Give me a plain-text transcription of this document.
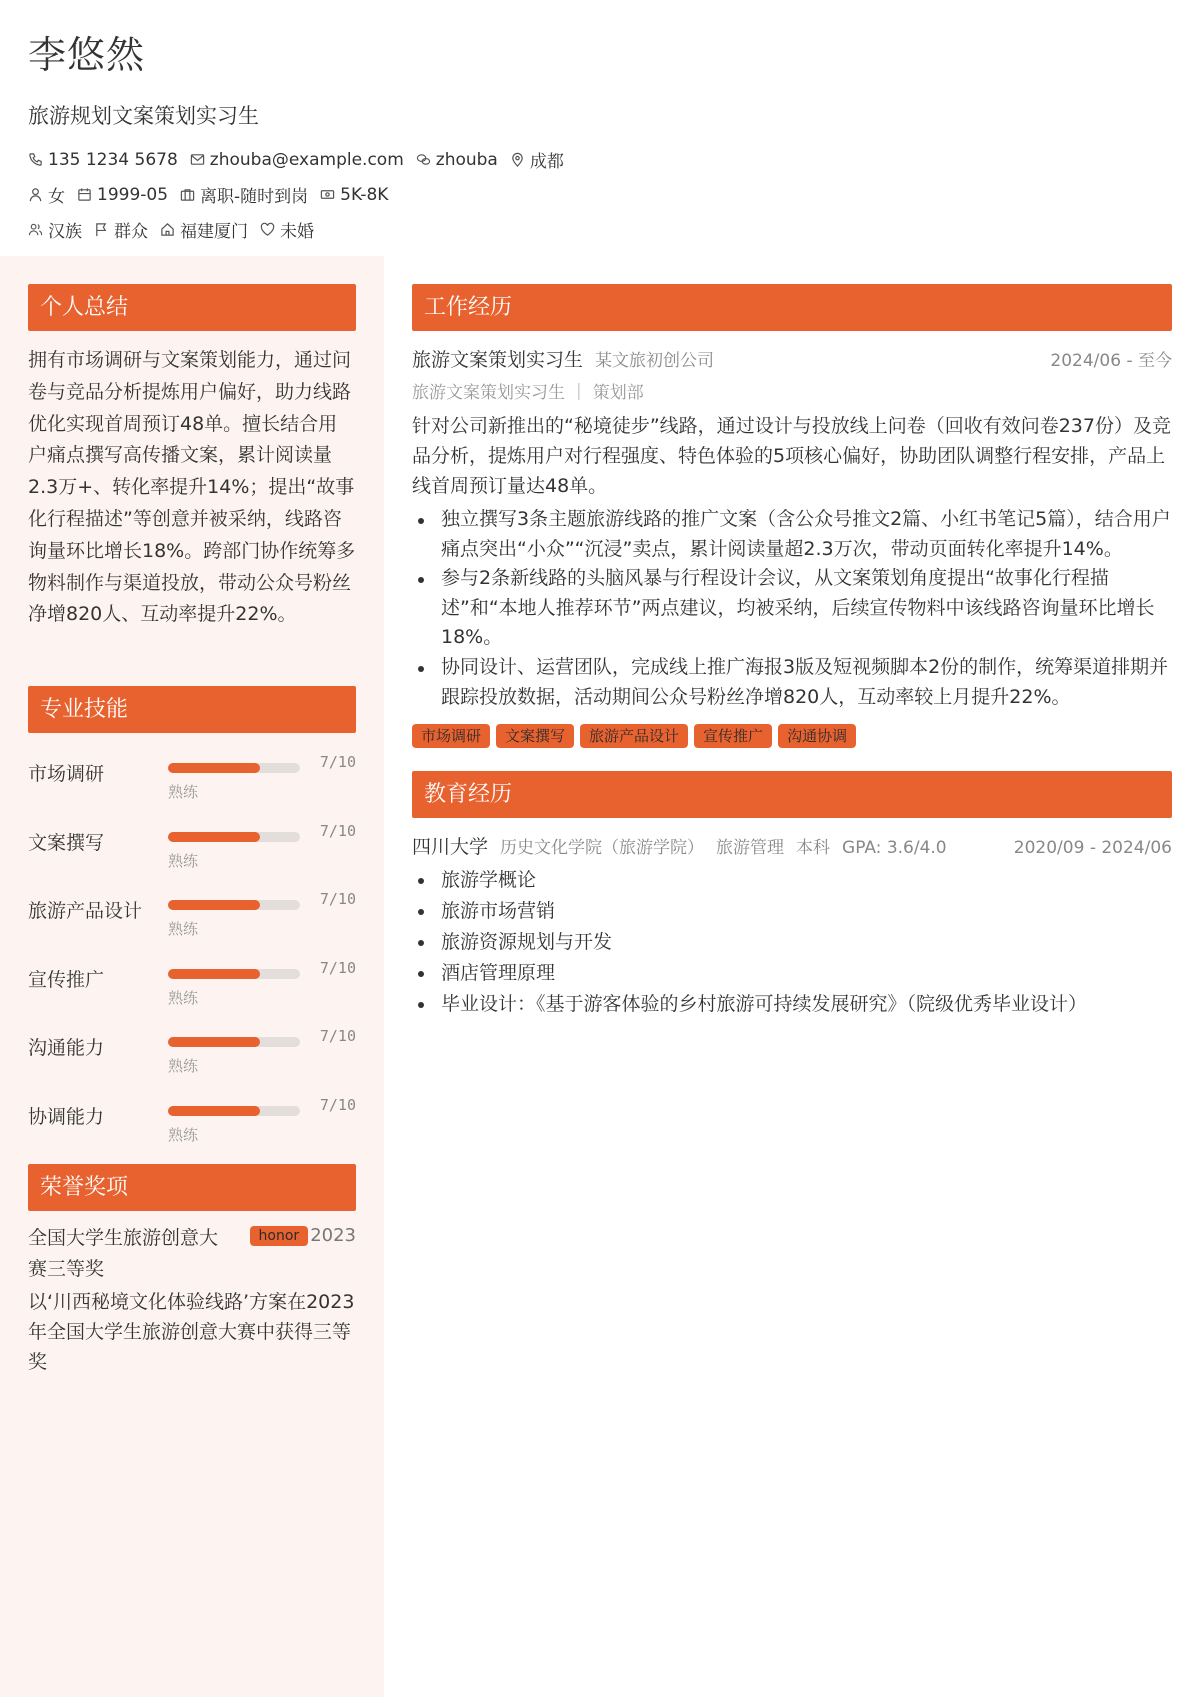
李悠然
旅游规划文案策划实习生
135 1234 5678 zhouba@example.com zhouba 成都
女 1999-05 离职-随时到岗 5K-8K
汉族 群众 福建厦门 未婚
个人总结
拥有市场调研与文案策划能力，通过问卷与竞品分析提炼用户偏好，助力线路优化实现首周预订48单。擅长结合用户痛点撰写高传播文案，累计阅读量2.3万+、转化率提升14%；提出“故事化行程描述”等创意并被采纳，线路咨询量环比增长18%。跨部门协作统筹多物料制作与渠道投放，带动公众号粉丝净增820人、互动率提升22%。
专业技能
市场调研
7/10
熟练
文案撰写
7/10
熟练
旅游产品设计
7/10
熟练
宣传推广
7/10
熟练
沟通能力
7/10
熟练
协调能力
7/10
熟练
荣誉奖项
全国大学生旅游创意大赛三等奖
honor 2023
以‘川西秘境文化体验线路’方案在2023年全国大学生旅游创意大赛中获得三等奖
工作经历
旅游文案策划实习生 某文旅初创公司	2024/06 - 至今
旅游文案策划实习生 ｜ 策划部
针对公司新推出的“秘境徒步”线路，通过设计与投放线上问卷（回收有效问卷237份）及竞品分析，提炼用户对行程强度、特色体验的5项核心偏好，协助团队调整行程安排，产品上线首周预订量达48单。
独立撰写3条主题旅游线路的推广文案（含公众号推文2篇、小红书笔记5篇），结合用户痛点突出“小众”“沉浸”卖点，累计阅读量超2.3万次，带动页面转化率提升14%。
参与2条新线路的头脑风暴与行程设计会议，从文案策划角度提出“故事化行程描述”和“本地人推荐环节”两点建议，均被采纳，后续宣传物料中该线路咨询量环比增长18%。
协同设计、运营团队，完成线上推广海报3版及短视频脚本2份的制作，统筹渠道排期并跟踪投放数据，活动期间公众号粉丝净增820人，互动率较上月提升22%。
市场调研	文案撰写	旅游产品设计	宣传推广	沟通协调
教育经历
四川大学 历史文化学院（旅游学院） 旅游管理 本科 GPA: 3.6/4.0	2020/09 - 2024/06
旅游学概论
旅游市场营销
旅游资源规划与开发
酒店管理原理
毕业设计：《基于游客体验的乡村旅游可持续发展研究》（院级优秀毕业设计）
